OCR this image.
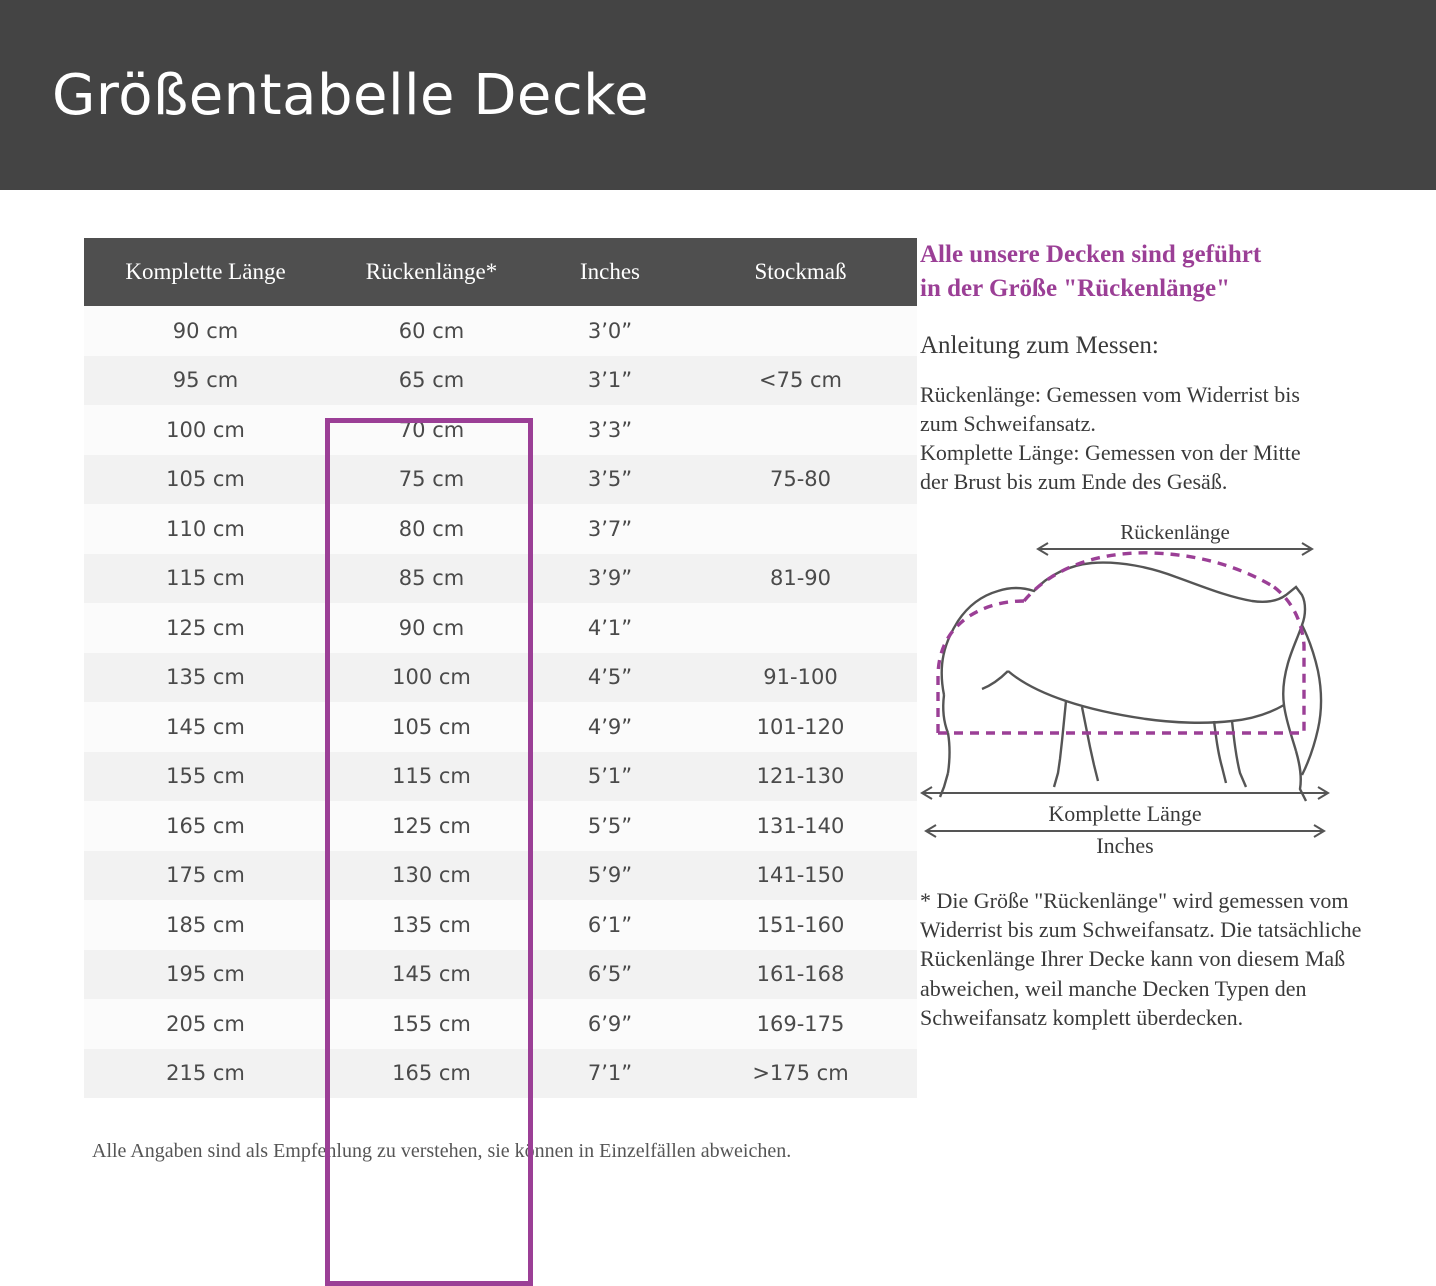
Größentabelle Decke
Komplette Länge	Rückenlänge*	Inches	Stockmaß
90 cm	60 cm	3’0”	
95 cm	65 cm	3’1”	<75 cm
100 cm	70 cm	3’3”	
105 cm	75 cm	3’5”	75-80
110 cm	80 cm	3’7”	
115 cm	85 cm	3’9”	81-90
125 cm	90 cm	4’1”	
135 cm	100 cm	4’5”	91-100
145 cm	105 cm	4’9”	101-120
155 cm	115 cm	5’1”	121-130
165 cm	125 cm	5’5”	131-140
175 cm	130 cm	5’9”	141-150
185 cm	135 cm	6’1”	151-160
195 cm	145 cm	6’5”	161-168
205 cm	155 cm	6’9”	169-175
215 cm	165 cm	7’1”	>175 cm
Alle Angaben sind als Empfehlung zu verstehen, sie können in Einzelfällen abweichen.
Alle unsere Decken sind geführt
in der Größe "Rückenlänge"
Anleitung zum Messen:
Rückenlänge: Gemessen vom Widerrist bis
zum Schweifansatz.
Komplette Länge: Gemessen von der Mitte
der Brust bis zum Ende des Gesäß.
Rückenlänge
Komplette Länge
Inches
* Die Größe "Rückenlänge" wird gemessen vom Widerrist bis zum Schweifansatz. Die tatsächliche Rückenlänge Ihrer Decke kann von diesem Maß abweichen, weil manche Decken Typen den Schweifansatz komplett überdecken.
